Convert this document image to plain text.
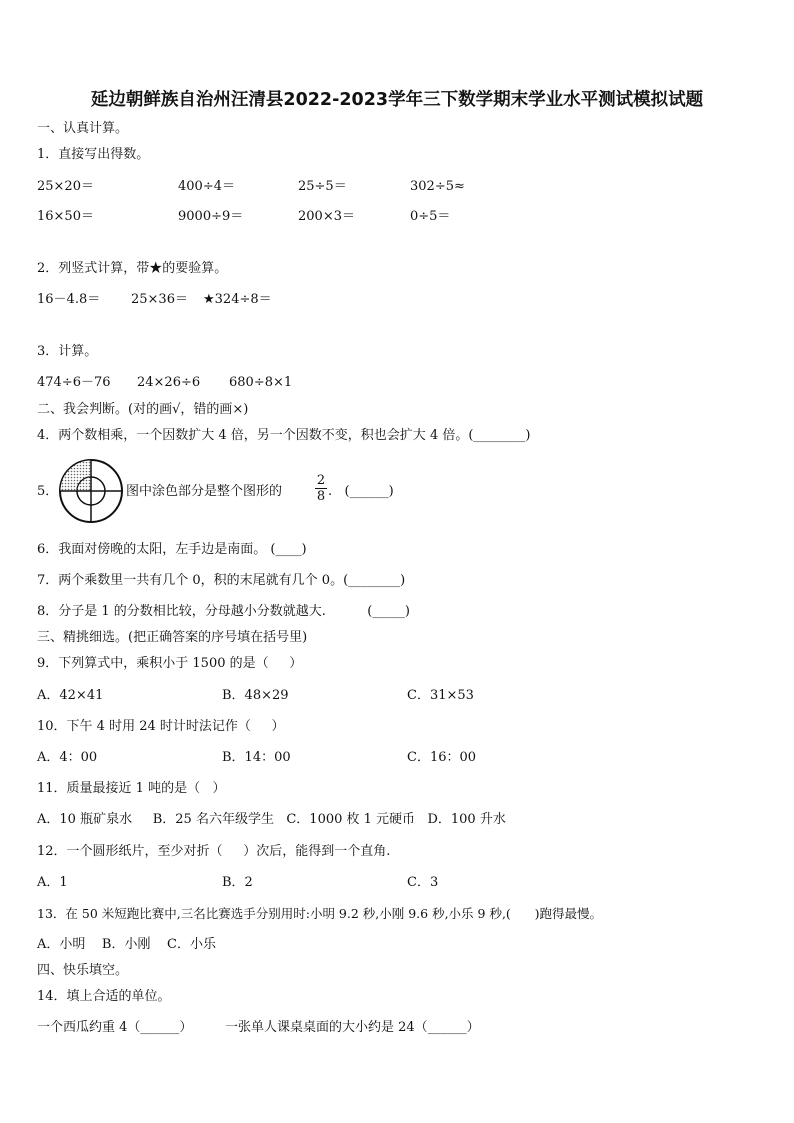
延边朝鲜族自治州汪清县2022-2023学年三下数学期末学业水平测试模拟试题
一、认真计算。
1．直接写出得数。
25×20＝	400÷4＝	25÷5＝	302÷5≈
16×50＝	9000÷9＝	200×3＝	0÷5＝
2．列竖式计算，带★的要验算。
16－4.8＝ 25×36＝ ★324÷8＝
3．计算。
474÷6－76 24×26÷6 680÷8×1
二、我会判断。(对的画√，错的画×)
4．两个数相乘，一个因数扩大 4 倍，另一个因数不变，积也会扩大 4 倍。(________)
5．	图中涂色部分是整个图形的
2
8 .   (______)
6．我面对傍晚的太阳，左手边是南面。 (____)
7．两个乘数里一共有几个 0，积的末尾就有几个 0。(________)
8．分子是 1 的分数相比较，分母越小分数就越大.          (_____)
三、精挑细选。(把正确答案的序号填在括号里)
9．下列算式中，乘积小于 1500 的是（     ）
A．42×41	B．48×29	C．31×53
10．下午 4 时用 24 时计时法记作（     ）
A．4：00	B．14：00	C．16：00
11．质量最接近 1 吨的是（   ）
A．10 瓶矿泉水     B．25 名六年级学生   C．1000 枚 1 元硬币   D．100 升水
12．一个圆形纸片，至少对折（     ）次后，能得到一个直角.
A．1	B．2	C．3
13．在 50 米短跑比赛中,三名比赛选手分别用时:小明 9.2 秒,小刚 9.6 秒,小乐 9 秒,(      )跑得最慢。
A．小明    B．小刚    C．小乐
四、快乐填空。
14．填上合适的单位。
一个西瓜约重 4（______）	一张单人课桌桌面的大小约是 24（______）
